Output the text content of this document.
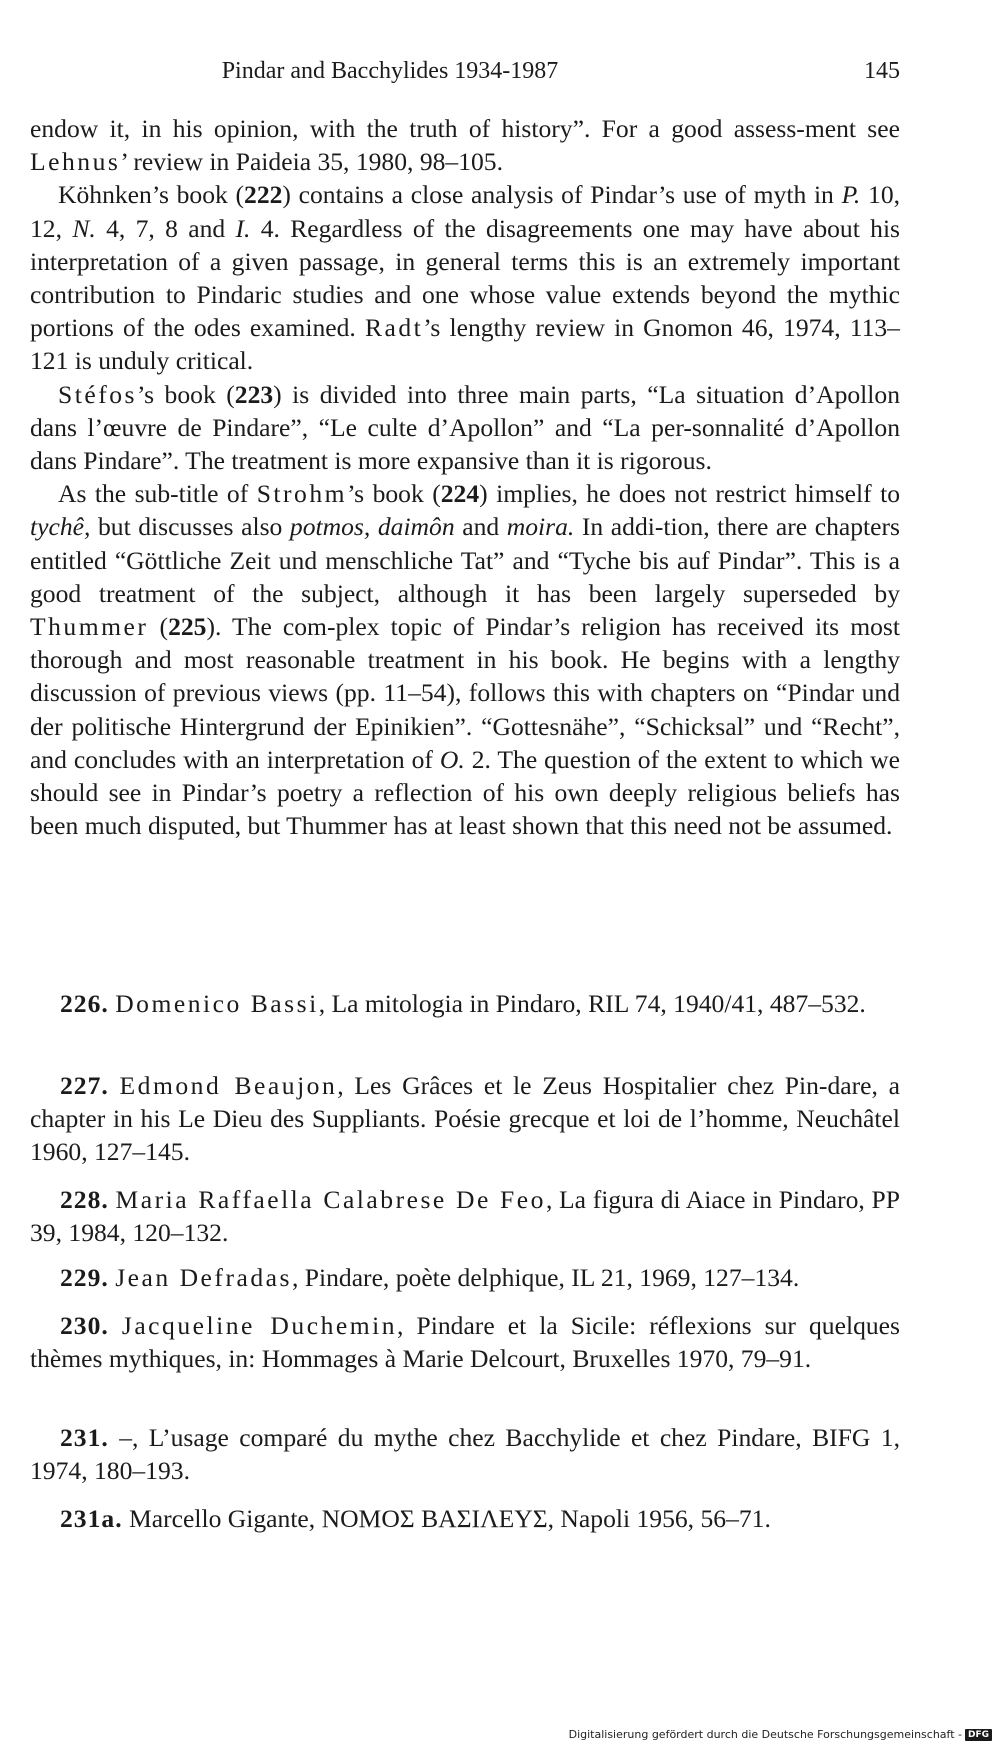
Pindar and Bacchylides 1934-1987	145

endow it, in his opinion, with the truth of history”. For a good assess-ment see Lehnus’ review in Paideia 35, 1980, 98–105.

Köhnken’s book (222) contains a close analysis of Pindar’s use of myth in P. 10, 12, N. 4, 7, 8 and I. 4. Regardless of the disagreements one may have about his interpretation of a given passage, in general terms this is an extremely important contribution to Pindaric studies and one whose value extends beyond the mythic portions of the odes examined. Radt’s lengthy review in Gnomon 46, 1974, 113–121 is unduly critical.

Stéfos’s book (223) is divided into three main parts, “La situation d’Apollon dans l’œuvre de Pindare”, “Le culte d’Apollon” and “La per-sonnalité d’Apollon dans Pindare”. The treatment is more expansive than it is rigorous.

As the sub-title of Strohm’s book (224) implies, he does not restrict himself to tychê, but discusses also potmos, daimôn and moira. In addi-tion, there are chapters entitled “Göttliche Zeit und menschliche Tat” and “Tyche bis auf Pindar”. This is a good treatment of the subject, although it has been largely superseded by Thummer (225). The com-plex topic of Pindar’s religion has received its most thorough and most reasonable treatment in his book. He begins with a lengthy discussion of previous views (pp. 11–54), follows this with chapters on “Pindar und der politische Hintergrund der Epinikien”. “Gottesnähe”, “Schicksal” und “Recht”, and concludes with an interpretation of O. 2. The question of the extent to which we should see in Pindar’s poetry a reflection of his own deeply religious beliefs has been much disputed, but Thummer has at least shown that this need not be assumed.

226. Domenico Bassi, La mitologia in Pindaro, RIL 74, 1940/41, 487–532.

227. Edmond Beaujon, Les Grâces et le Zeus Hospitalier chez Pin-dare, a chapter in his Le Dieu des Suppliants. Poésie grecque et loi de l’homme, Neuchâtel 1960, 127–145.

228. Maria Raffaella Calabrese De Feo, La figura di Aiace in Pindaro, PP 39, 1984, 120–132.

229. Jean Defradas, Pindare, poète delphique, IL 21, 1969, 127–134.

230. Jacqueline Duchemin, Pindare et la Sicile: réflexions sur quelques thèmes mythiques, in: Hommages à Marie Delcourt, Bruxelles 1970, 79–91.

231. –, L’usage comparé du mythe chez Bacchylide et chez Pindare, BIFG 1, 1974, 180–193.

231a. Marcello Gigante, ΝΟΜΟΣ ΒΑΣΙΛΕΥΣ, Napoli 1956, 56–71.

Digitalisierung gefördert durch die Deutsche Forschungsgemeinschaft - DFG
